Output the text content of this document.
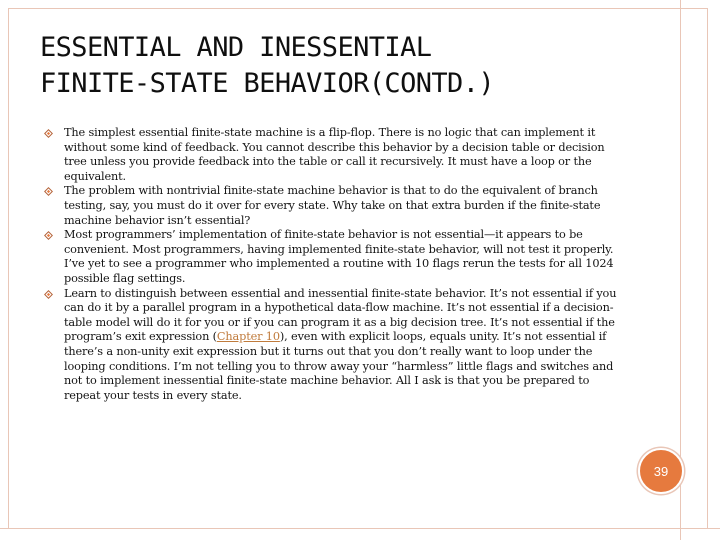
ESSENTIAL AND INESSENTIAL
FINITE-STATE BEHAVIOR(CONTD.)
The simplest essential finite-state machine is a flip-flop. There is no logic that can implement it without some kind of feedback. You cannot describe this behavior by a decision table or decision tree unless you provide feedback into the table or call it recursively. It must have a loop or the equivalent.
The problem with nontrivial finite-state machine behavior is that to do the equivalent of branch testing, say, you must do it over for every state. Why take on that extra burden if the finite-state machine behavior isn’t essential?
Most programmers’ implementation of finite-state behavior is not essential—it appears to be convenient. Most programmers, having implemented finite-state behavior, will not test it properly. I’ve yet to see a programmer who implemented a routine with 10 flags rerun the tests for all 1024 possible flag settings.
Learn to distinguish between essential and inessential finite-state behavior. It’s not essential if you can do it by a parallel program in a hypothetical data-flow machine. It’s not essential if a decision-table model will do it for you or if you can program it as a big decision tree. It’s not essential if the program’s exit expression (Chapter 10), even with explicit loops, equals unity. It’s not essential if there’s a non-unity exit expression but it turns out that you don’t really want to loop under the looping conditions. I’m not telling you to throw away your “harmless” little flags and switches and not to implement inessential finite-state machine behavior. All I ask is that you be prepared to repeat your tests in every state.
39
